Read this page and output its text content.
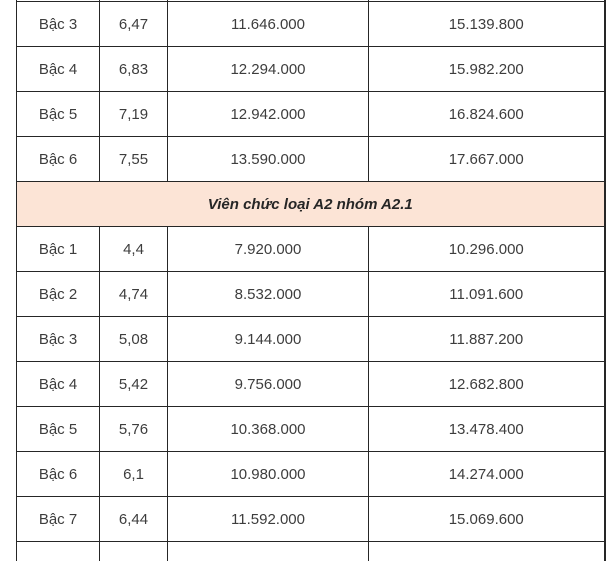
Bậc 3	6,47	11.646.000	15.139.800
Bậc 4	6,83	12.294.000	15.982.200
Bậc 5	7,19	12.942.000	16.824.600
Bậc 6	7,55	13.590.000	17.667.000
Viên chức loại A2 nhóm A2.1			
Bậc 1	4,4	7.920.000	10.296.000
Bậc 2	4,74	8.532.000	11.091.600
Bậc 3	5,08	9.144.000	11.887.200
Bậc 4	5,42	9.756.000	12.682.800
Bậc 5	5,76	10.368.000	13.478.400
Bậc 6	6,1	10.980.000	14.274.000
Bậc 7	6,44	11.592.000	15.069.600
